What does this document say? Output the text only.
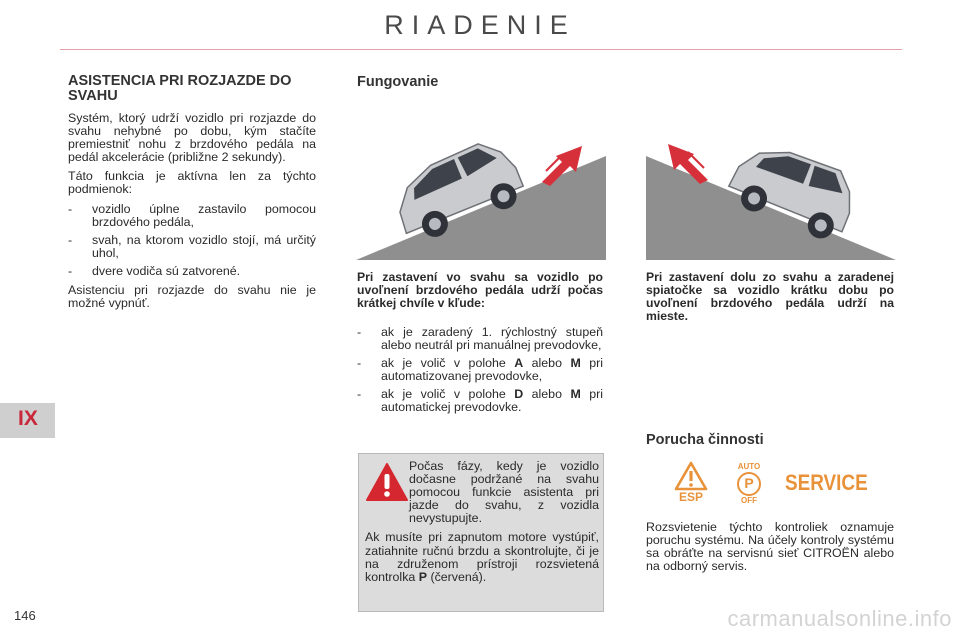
RIADENIE
IX
146
ASISTENCIA PRI ROZJAZDE DO SVAHU

Systém, ktorý udrží vozidlo pri rozjazde do svahu nehybné po dobu, kým stačíte premiestniť nohu z brzdového pedála na pedál akcelerácie (približne 2 sekundy).

Táto funkcia je aktívna len za týchto podmienok:

- vozidlo úplne zastavilo pomocou brzdového pedála,
- svah, na ktorom vozidlo stojí, má určitý uhol,
- dvere vodiča sú zatvorené.

Asistenciu pri rozjazde do svahu nie je možné vypnúť.

Fungovanie
Pri zastavení vo svahu sa vozidlo po uvoľnení brzdového pedála udrží počas krátkej chvíle v kľude:
- ak je zaradený 1. rýchlostný stupeň alebo neutrál pri manuálnej prevodovke,
- ak je volič v polohe A alebo M pri automatizovanej prevodovke,
- ak je volič v polohe D alebo M pri automatickej prevodovke.

Počas fázy, kedy je vozidlo dočasne podržané na svahu pomocou funkcie asistenta pri jazde do svahu, z vozidla nevystupujte.

Ak musíte pri zapnutom motore vystúpiť, zatiahnite ručnú brzdu a skontrolujte, či je na združenom prístroji rozsvietená kontrolka P (červená).

Pri zastavení dolu zo svahu a zaradenej spiatočke sa vozidlo krátku dobu po uvoľnení brzdového pedála udrží na mieste.
Porucha činnosti
ESP
AUTO
P
OFF
SERVICE
Rozsvietenie týchto kontroliek oznamuje poruchu systému. Na účely kontroly systému sa obráťte na servisnú sieť CITROËN alebo na odborný servis.
carmanualsonline.info
